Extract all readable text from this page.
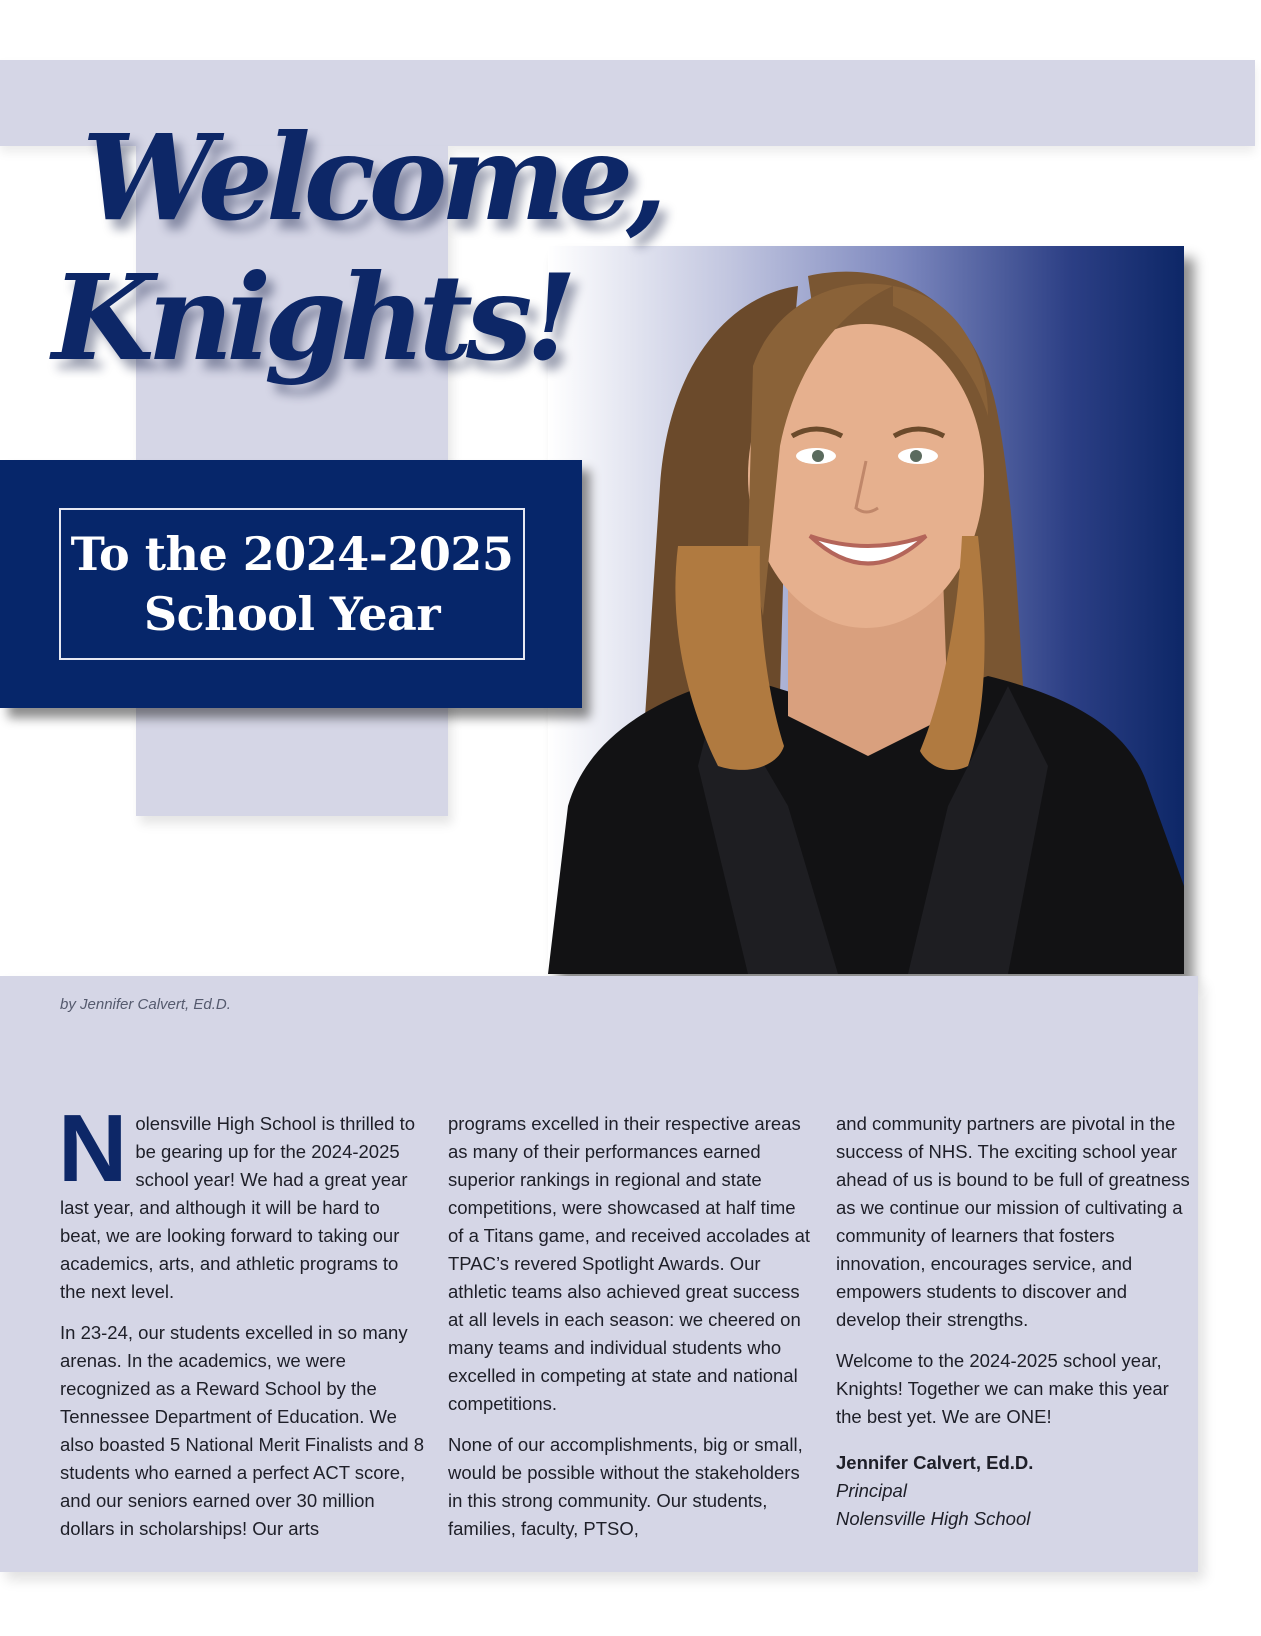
Welcome,
Knights!
To the 2024-2025
School Year
by Jennifer Calvert, Ed.D.

Nolensville High School is thrilled to be gearing up for the 2024-2025 school year! We had a great year last year, and although it will be hard to beat, we are looking forward to taking our academics, arts, and athletic programs to the next level.

In 23-24, our students excelled in so many arenas. In the academics, we were recognized as a Reward School by the Tennessee Department of Education. We also boasted 5 National Merit Finalists and 8 students who earned a perfect ACT score, and our seniors earned over 30 million dollars in scholarships! Our arts

programs excelled in their respective areas as many of their performances earned superior rankings in regional and state competitions, were showcased at half time of a Titans game, and received accolades at TPAC’s revered Spotlight Awards. Our athletic teams also achieved great success at all levels in each season: we cheered on many teams and individual students who excelled in competing at state and national competitions.

None of our accomplishments, big or small, would be possible without the stakeholders in this strong community. Our students, families, faculty, PTSO,

and community partners are pivotal in the success of NHS. The exciting school year ahead of us is bound to be full of greatness as we continue our mission of cultivating a community of learners that fosters innovation, encourages service, and empowers students to discover and develop their strengths.

Welcome to the 2024-2025 school year, Knights! Together we can make this year the best yet. We are ONE!

Jennifer Calvert, Ed.D.
Principal
Nolensville High School
